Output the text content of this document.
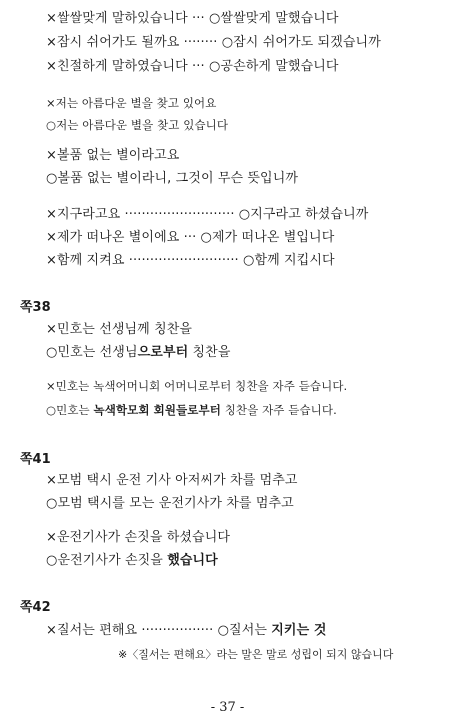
×쌀쌀맞게 말하있습니다 ··· ○쌀쌀맞게 말했습니다
×잠시 쉬어가도 될까요 ········ ○잠시 쉬어가도 되겠습니까
×친절하게 말하였습니다 ··· ○공손하게 말했습니다
×저는 아름다운 별을 찾고 있어요
○저는 아름다운 별을 찾고 있습니다
×볼품 없는 별이라고요
○볼품 없는 별이라니, 그것이 무슨 뜻입니까
×지구라고요 ·························· ○지구라고 하셨습니까
×제가 떠나온 별이에요 ··· ○제가 떠나온 별입니다
×함께 지켜요 ·························· ○함께 지킵시다
쪽38
×민호는 선생님께 칭찬을
○민호는 선생님으로부터 칭찬을
×민호는 녹색어머니회 어머니로부터 칭찬을 자주 듣습니다.
○민호는 녹색학모회 회원들로부터 칭찬을 자주 듣습니다.
쪽41
×모범 택시 운전 기사 아저씨가 차를 멈추고
○모범 택시를 모는 운전기사가 차를 멈추고
×운전기사가 손짓을 하셨습니다
○운전기사가 손짓을 했습니다
쪽42
×질서는 편해요 ················· ○질서는 지키는 것
※〈질서는 편해요〉라는 말은 말로 성립이 되지 않습니다
- 37 -
